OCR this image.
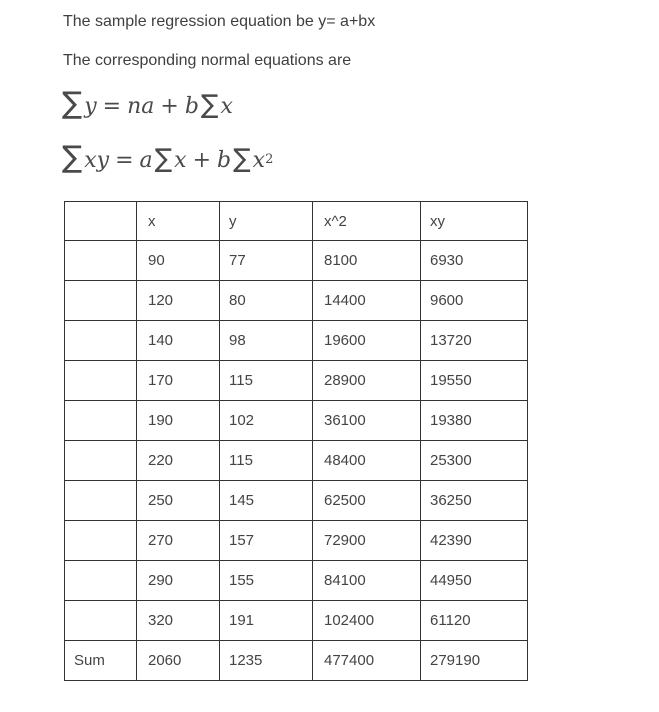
The sample regression equation be y= a+bx
The corresponding normal equations are
∑ y = na + b ∑ x
∑ xy = a ∑ x + b ∑ $x^2$
	x	y	x^2	xy
	90	77	8100	6930
	120	80	14400	9600
	140	98	19600	13720
	170	115	28900	19550
	190	102	36100	19380
	220	115	48400	25300
	250	145	62500	36250
	270	157	72900	42390
	290	155	84100	44950
	320	191	102400	61120
Sum	2060	1235	477400	279190
